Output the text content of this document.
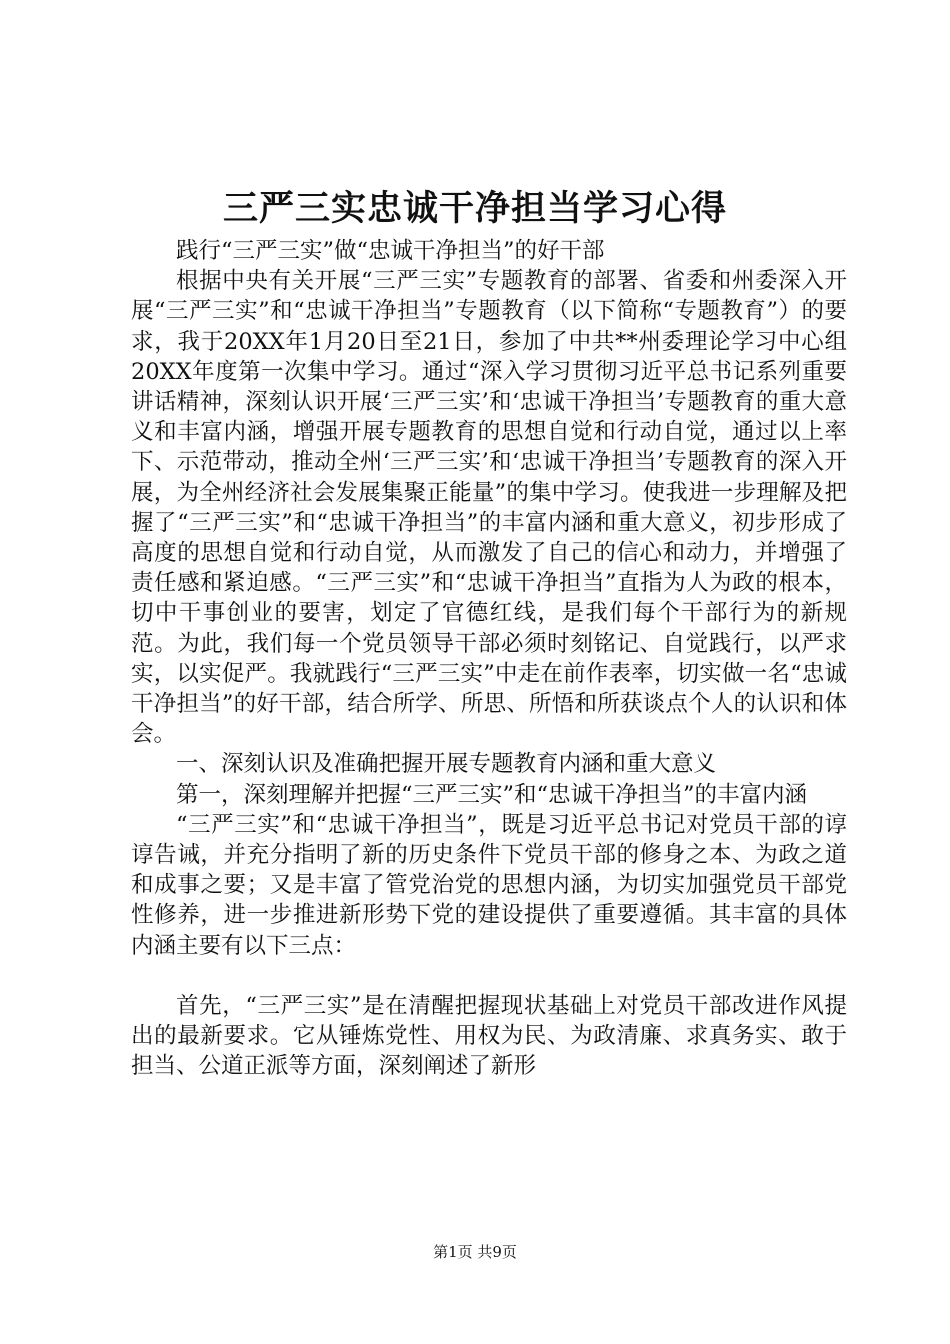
三严三实忠诚干净担当学习心得

践行“三严三实”做“忠诚干净担当”的好干部

根据中央有关开展“三严三实”专题教育的部署、省委和州委深入开展“三严三实”和“忠诚干净担当”专题教育（以下简称“专题教育”）的要求，我于20XX年1月20日至21日，参加了中共**州委理论学习中心组20XX年度第一次集中学习。通过“深入学习贯彻习近平总书记系列重要讲话精神，深刻认识开展‘三严三实’和‘忠诚干净担当’专题教育的重大意义和丰富内涵，增强开展专题教育的思想自觉和行动自觉，通过以上率下、示范带动，推动全州‘三严三实’和‘忠诚干净担当’专题教育的深入开展，为全州经济社会发展集聚正能量”的集中学习。使我进一步理解及把握了“三严三实”和“忠诚干净担当”的丰富内涵和重大意义，初步形成了高度的思想自觉和行动自觉，从而激发了自己的信心和动力，并增强了责任感和紧迫感。“三严三实”和“忠诚干净担当”直指为人为政的根本，切中干事创业的要害，划定了官德红线，是我们每个干部行为的新规范。为此，我们每一个党员领导干部必须时刻铭记、自觉践行，以严求实，以实促严。我就践行“三严三实”中走在前作表率，切实做一名“忠诚干净担当”的好干部，结合所学、所思、所悟和所获谈点个人的认识和体会。

一、深刻认识及准确把握开展专题教育内涵和重大意义

第一，深刻理解并把握“三严三实”和“忠诚干净担当”的丰富内涵

“三严三实”和“忠诚干净担当”，既是习近平总书记对党员干部的谆谆告诫，并充分指明了新的历史条件下党员干部的修身之本、为政之道和成事之要；又是丰富了管党治党的思想内涵，为切实加强党员干部党性修养，进一步推进新形势下党的建设提供了重要遵循。其丰富的具体内涵主要有以下三点：

首先，“三严三实”是在清醒把握现状基础上对党员干部改进作风提出的最新要求。它从锤炼党性、用权为民、为政清廉、求真务实、敢于担当、公道正派等方面，深刻阐述了新形

第1页 共9页
